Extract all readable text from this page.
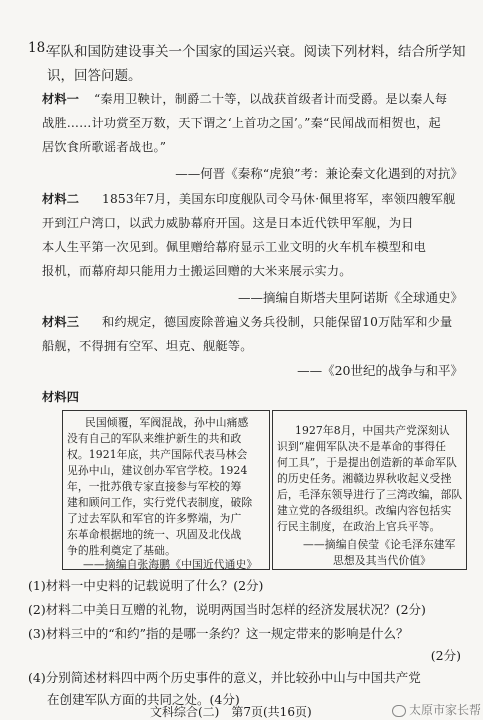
18.
军队和国防建设事关一个国家的国运兴衰。阅读下列材料，结合所学知
识，回答问题。
材料一 “秦用卫鞅计，制爵二十等，以战获首级者计而受爵。是以秦人每
战胜……计功赏至万数，天下谓之‘上首功之国’。”秦“民闻战而相贺也，起
居饮食所歌谣者战也。”
——何晋《秦称“虎狼”考：兼论秦文化遇到的对抗》
材料二 1853年7月，美国东印度舰队司令马休·佩里将军，率领四艘军舰
开到江户湾口，以武力威胁幕府开国。这是日本近代铁甲军舰，为日
本人生平第一次见到。佩里赠给幕府显示工业文明的火车机车模型和电
报机，而幕府却只能用力士搬运回赠的大米来展示实力。
——摘编自斯塔夫里阿诺斯《全球通史》
材料三 和约规定，德国废除普遍义务兵役制，只能保留10万陆军和少量
船舰，不得拥有空军、坦克、舰艇等。
——《20世纪的战争与和平》
材料四
民国倾覆，军阀混战，孙中山痛感
没有自己的军队来维护新生的共和政
权。1921年底，共产国际代表马林会
见孙中山，建议创办军官学校。1924
年，一批苏俄专家直接参与军校的筹
建和顾问工作，实行党代表制度，破除
了过去军队和军官的许多弊端，为广
东革命根据地的统一、巩固及北伐战
争的胜利奠定了基础。
——摘编自张海鹏《中国近代通史》
1927年8月，中国共产党深刻认
识到“雇佣军队决不是革命的事得任
何工具”，于是提出创造新的革命军队
的历史任务。湘赣边界秋收起义受挫
后，毛泽东领导进行了三湾改编，部队
建立党的各级组织。改编内容包括实
行民主制度，在政治上官兵平等。
——摘编自侯莹《论毛泽东建军
思想及其当代价值》
(1)材料一中史料的记载说明了什么？(2分)
(2)材料二中美日互赠的礼物，说明两国当时怎样的经济发展状况？(2分)
(3)材料三中的“和约”指的是哪一条约？这一规定带来的影响是什么？
(2分)
(4)分别简述材料四中两个历史事件的意义，并比较孙中山与中国共产党
在创建军队方面的共同之处。(4分)
文科综合(二)　第7页(共16页)	太原市家长帮
